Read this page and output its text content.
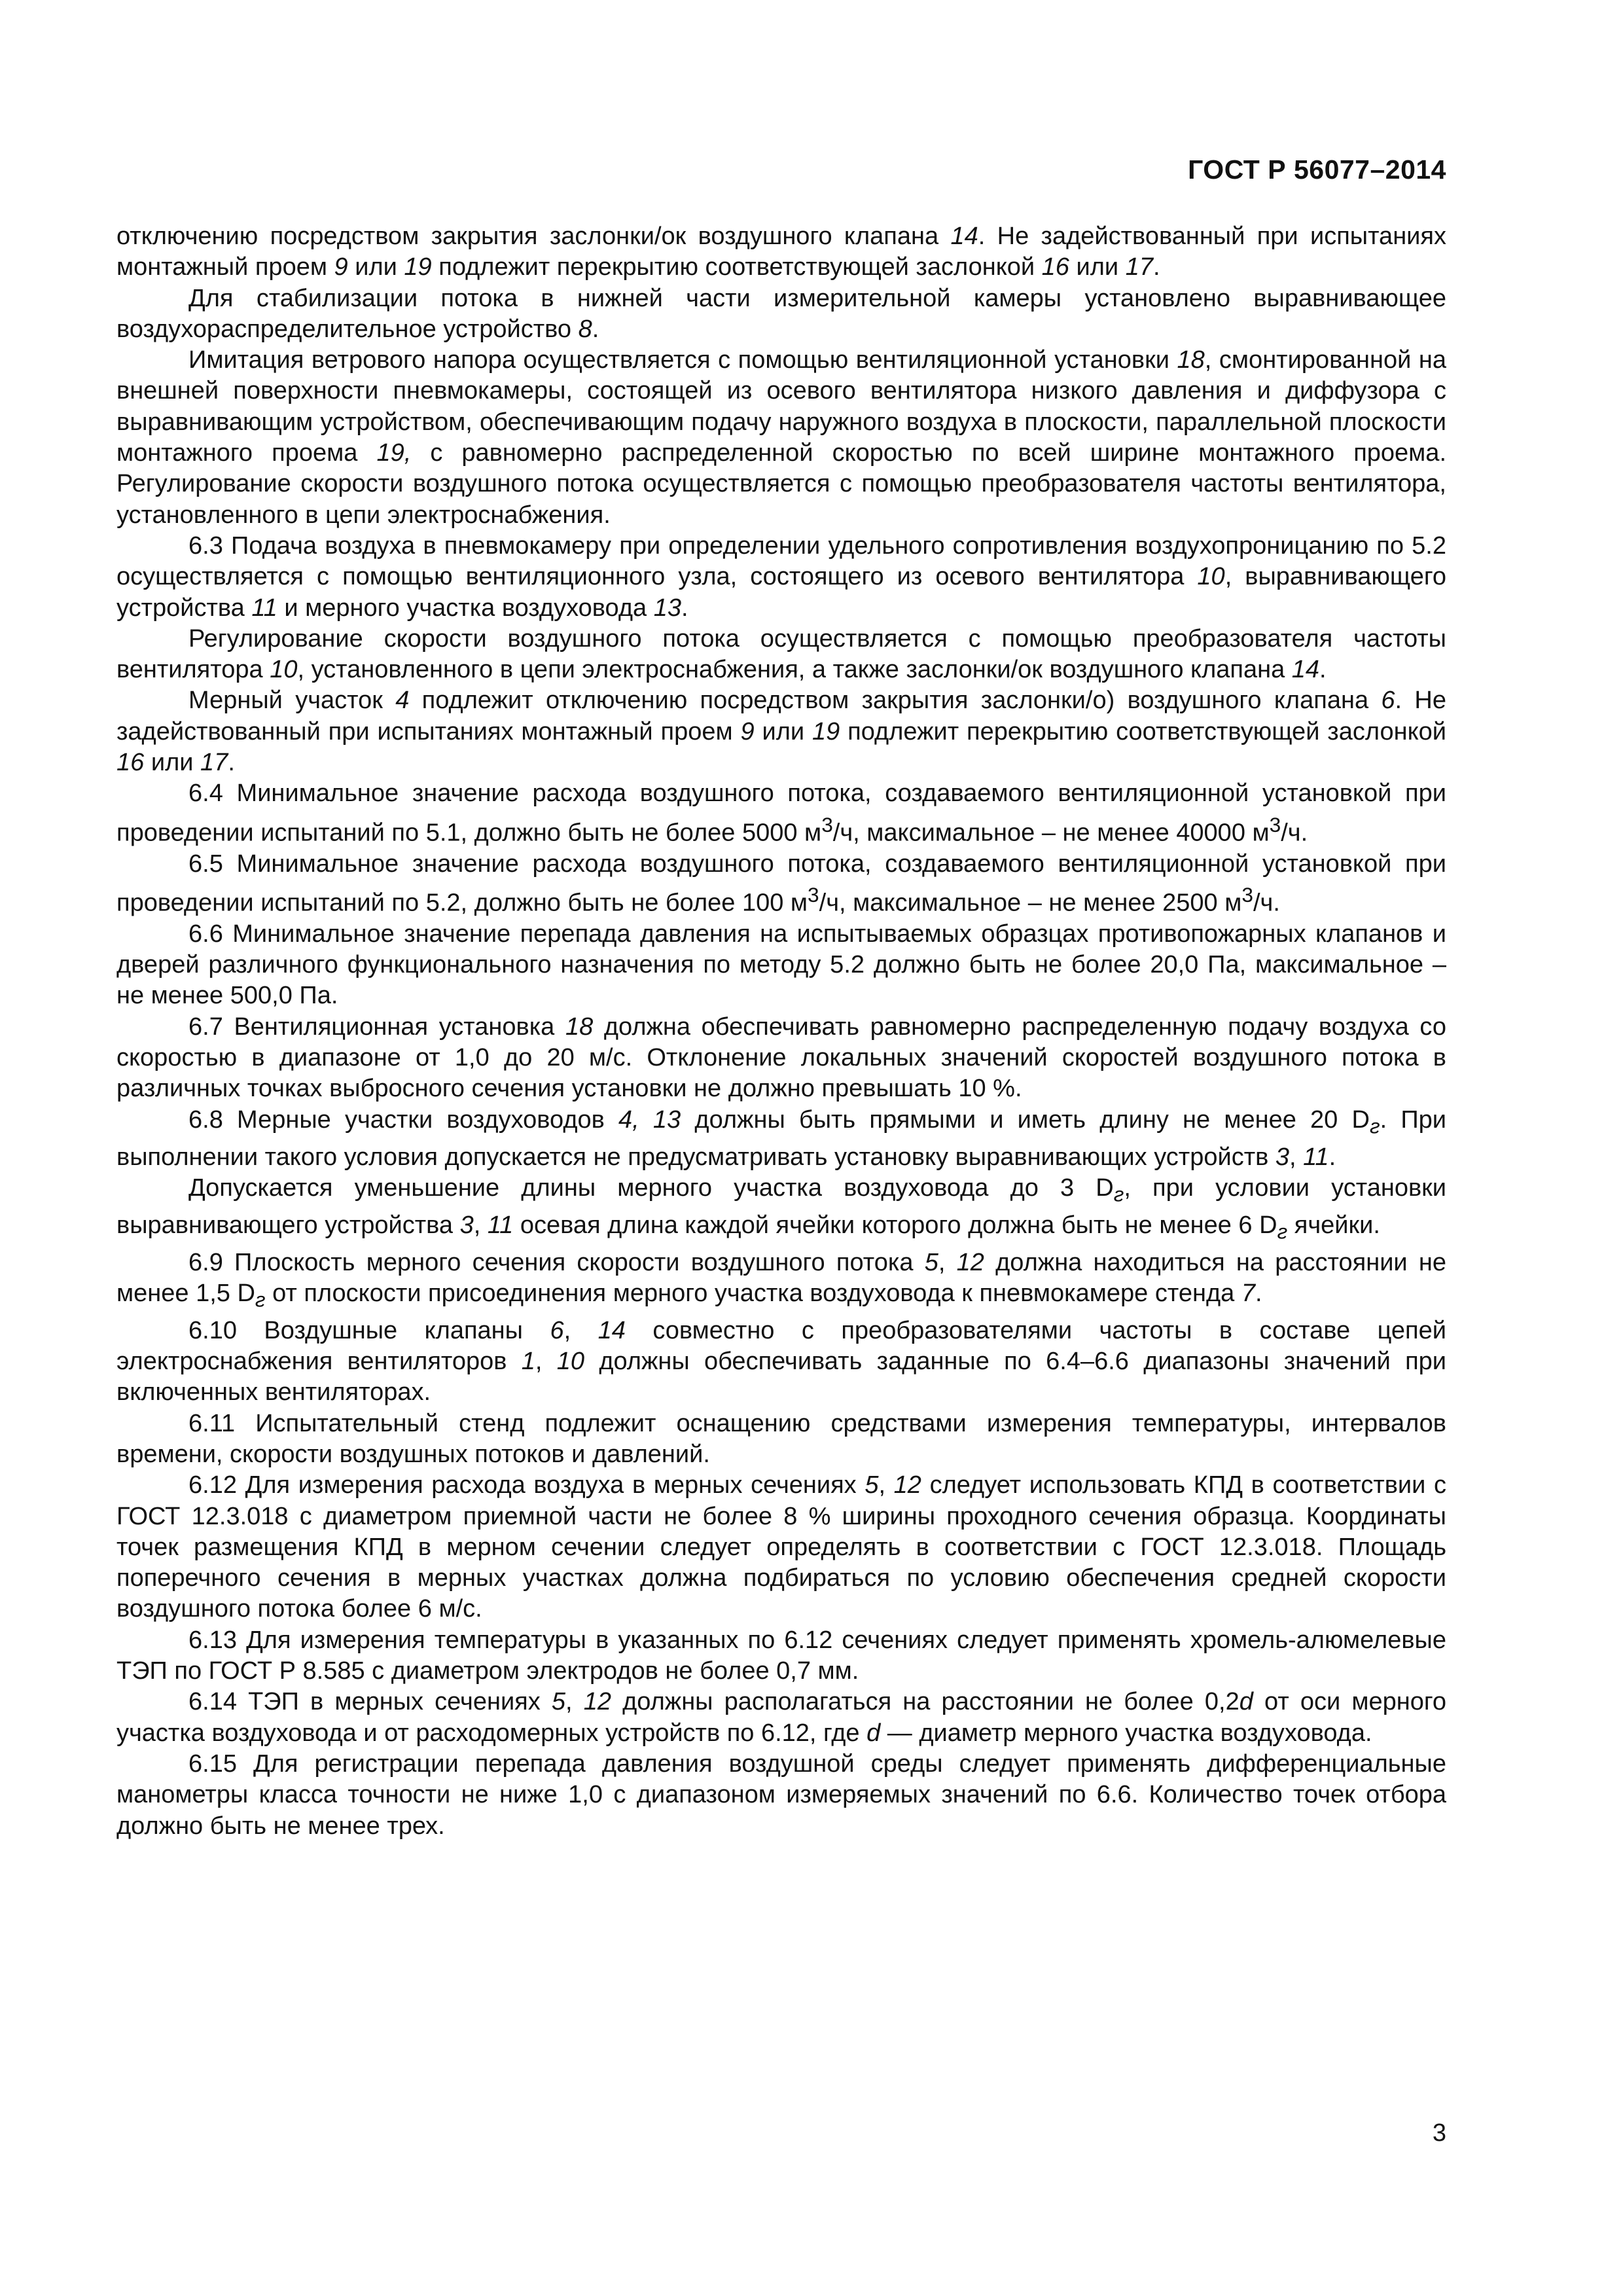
ГОСТ Р 56077–2014

отключению посредством закрытия заслонки/ок воздушного клапана 14. Не задействованный при испытаниях монтажный проем 9 или 19 подлежит перекрытию соответствующей заслонкой 16 или 17.

Для стабилизации потока в нижней части измерительной камеры установлено выравнивающее воздухораспределительное устройство 8.

Имитация ветрового напора осуществляется с помощью вентиляционной установки 18, смонтированной на внешней поверхности пневмокамеры, состоящей из осевого вентилятора низкого давления и диффузора с выравнивающим устройством, обеспечивающим подачу наружного воздуха в плоскости, параллельной плоскости монтажного проема 19, с равномерно распределенной скоростью по всей ширине монтажного проема. Регулирование скорости воздушного потока осуществляется с помощью преобразователя частоты вентилятора, установленного в цепи электроснабжения.

6.3 Подача воздуха в пневмокамеру при определении удельного сопротивления воздухопроницанию по 5.2 осуществляется с помощью вентиляционного узла, состоящего из осевого вентилятора 10, выравнивающего устройства 11 и мерного участка воздуховода 13.

Регулирование скорости воздушного потока осуществляется с помощью преобразователя частоты вентилятора 10, установленного в цепи электроснабжения, а также заслонки/ок воздушного клапана 14.

Мерный участок 4 подлежит отключению посредством закрытия заслонки/о) воздушного клапана 6. Не задействованный при испытаниях монтажный проем 9 или 19 подлежит перекрытию соответствующей заслонкой 16 или 17.

6.4 Минимальное значение расхода воздушного потока, создаваемого вентиляционной установкой при проведении испытаний по 5.1, должно быть не более 5000 $м^3/ч$, максимальное – не менее 40000 $м^3/ч$.

6.5 Минимальное значение расхода воздушного потока, создаваемого вентиляционной установкой при проведении испытаний по 5.2, должно быть не более 100 $м^3/ч$, максимальное – не менее 2500 $м^3/ч$.

6.6 Минимальное значение перепада давления на испытываемых образцах противопожарных клапанов и дверей различного функционального назначения по методу 5.2 должно быть не более 20,0 Па, максимальное – не менее 500,0 Па.

6.7 Вентиляционная установка 18 должна обеспечивать равномерно распределенную подачу воздуха со скоростью в диапазоне от 1,0 до 20 м/с. Отклонение локальных значений скоростей воздушного потока в различных точках выбросного сечения установки не должно превышать 10 %.

6.8 Мерные участки воздуховодов 4, 13 должны быть прямыми и иметь длину не менее 20 $D_г$. При выполнении такого условия допускается не предусматривать установку выравнивающих устройств 3, 11.

Допускается уменьшение длины мерного участка воздуховода до 3 $D_г$, при условии установки выравнивающего устройства 3, 11 осевая длина каждой ячейки которого должна быть не менее 6 $D_г$ ячейки.

6.9 Плоскость мерного сечения скорости воздушного потока 5, 12 должна находиться на расстоянии не менее 1,5 $D_г$ от плоскости присоединения мерного участка воздуховода к пневмокамере стенда 7.

6.10 Воздушные клапаны 6, 14 совместно с преобразователями частоты в составе цепей электроснабжения вентиляторов 1, 10 должны обеспечивать заданные по 6.4–6.6 диапазоны значений при включенных вентиляторах.

6.11 Испытательный стенд подлежит оснащению средствами измерения температуры, интервалов времени, скорости воздушных потоков и давлений.

6.12 Для измерения расхода воздуха в мерных сечениях 5, 12 следует использовать КПД в соответствии с ГОСТ 12.3.018 с диаметром приемной части не более 8 % ширины проходного сечения образца. Координаты точек размещения КПД в мерном сечении следует определять в соответствии с ГОСТ 12.3.018. Площадь поперечного сечения в мерных участках должна подбираться по условию обеспечения средней скорости воздушного потока более 6 м/с.

6.13 Для измерения температуры в указанных по 6.12 сечениях следует применять хромель-алюмелевые ТЭП по ГОСТ Р 8.585 с диаметром электродов не более 0,7 мм.

6.14 ТЭП в мерных сечениях 5, 12 должны располагаться на расстоянии не более 0,2d от оси мерного участка воздуховода и от расходомерных устройств по 6.12, где d — диаметр мерного участка воздуховода.

6.15 Для регистрации перепада давления воздушной среды следует применять дифференциальные манометры класса точности не ниже 1,0 с диапазоном измеряемых значений по 6.6. Количество точек отбора должно быть не менее трех.

3
